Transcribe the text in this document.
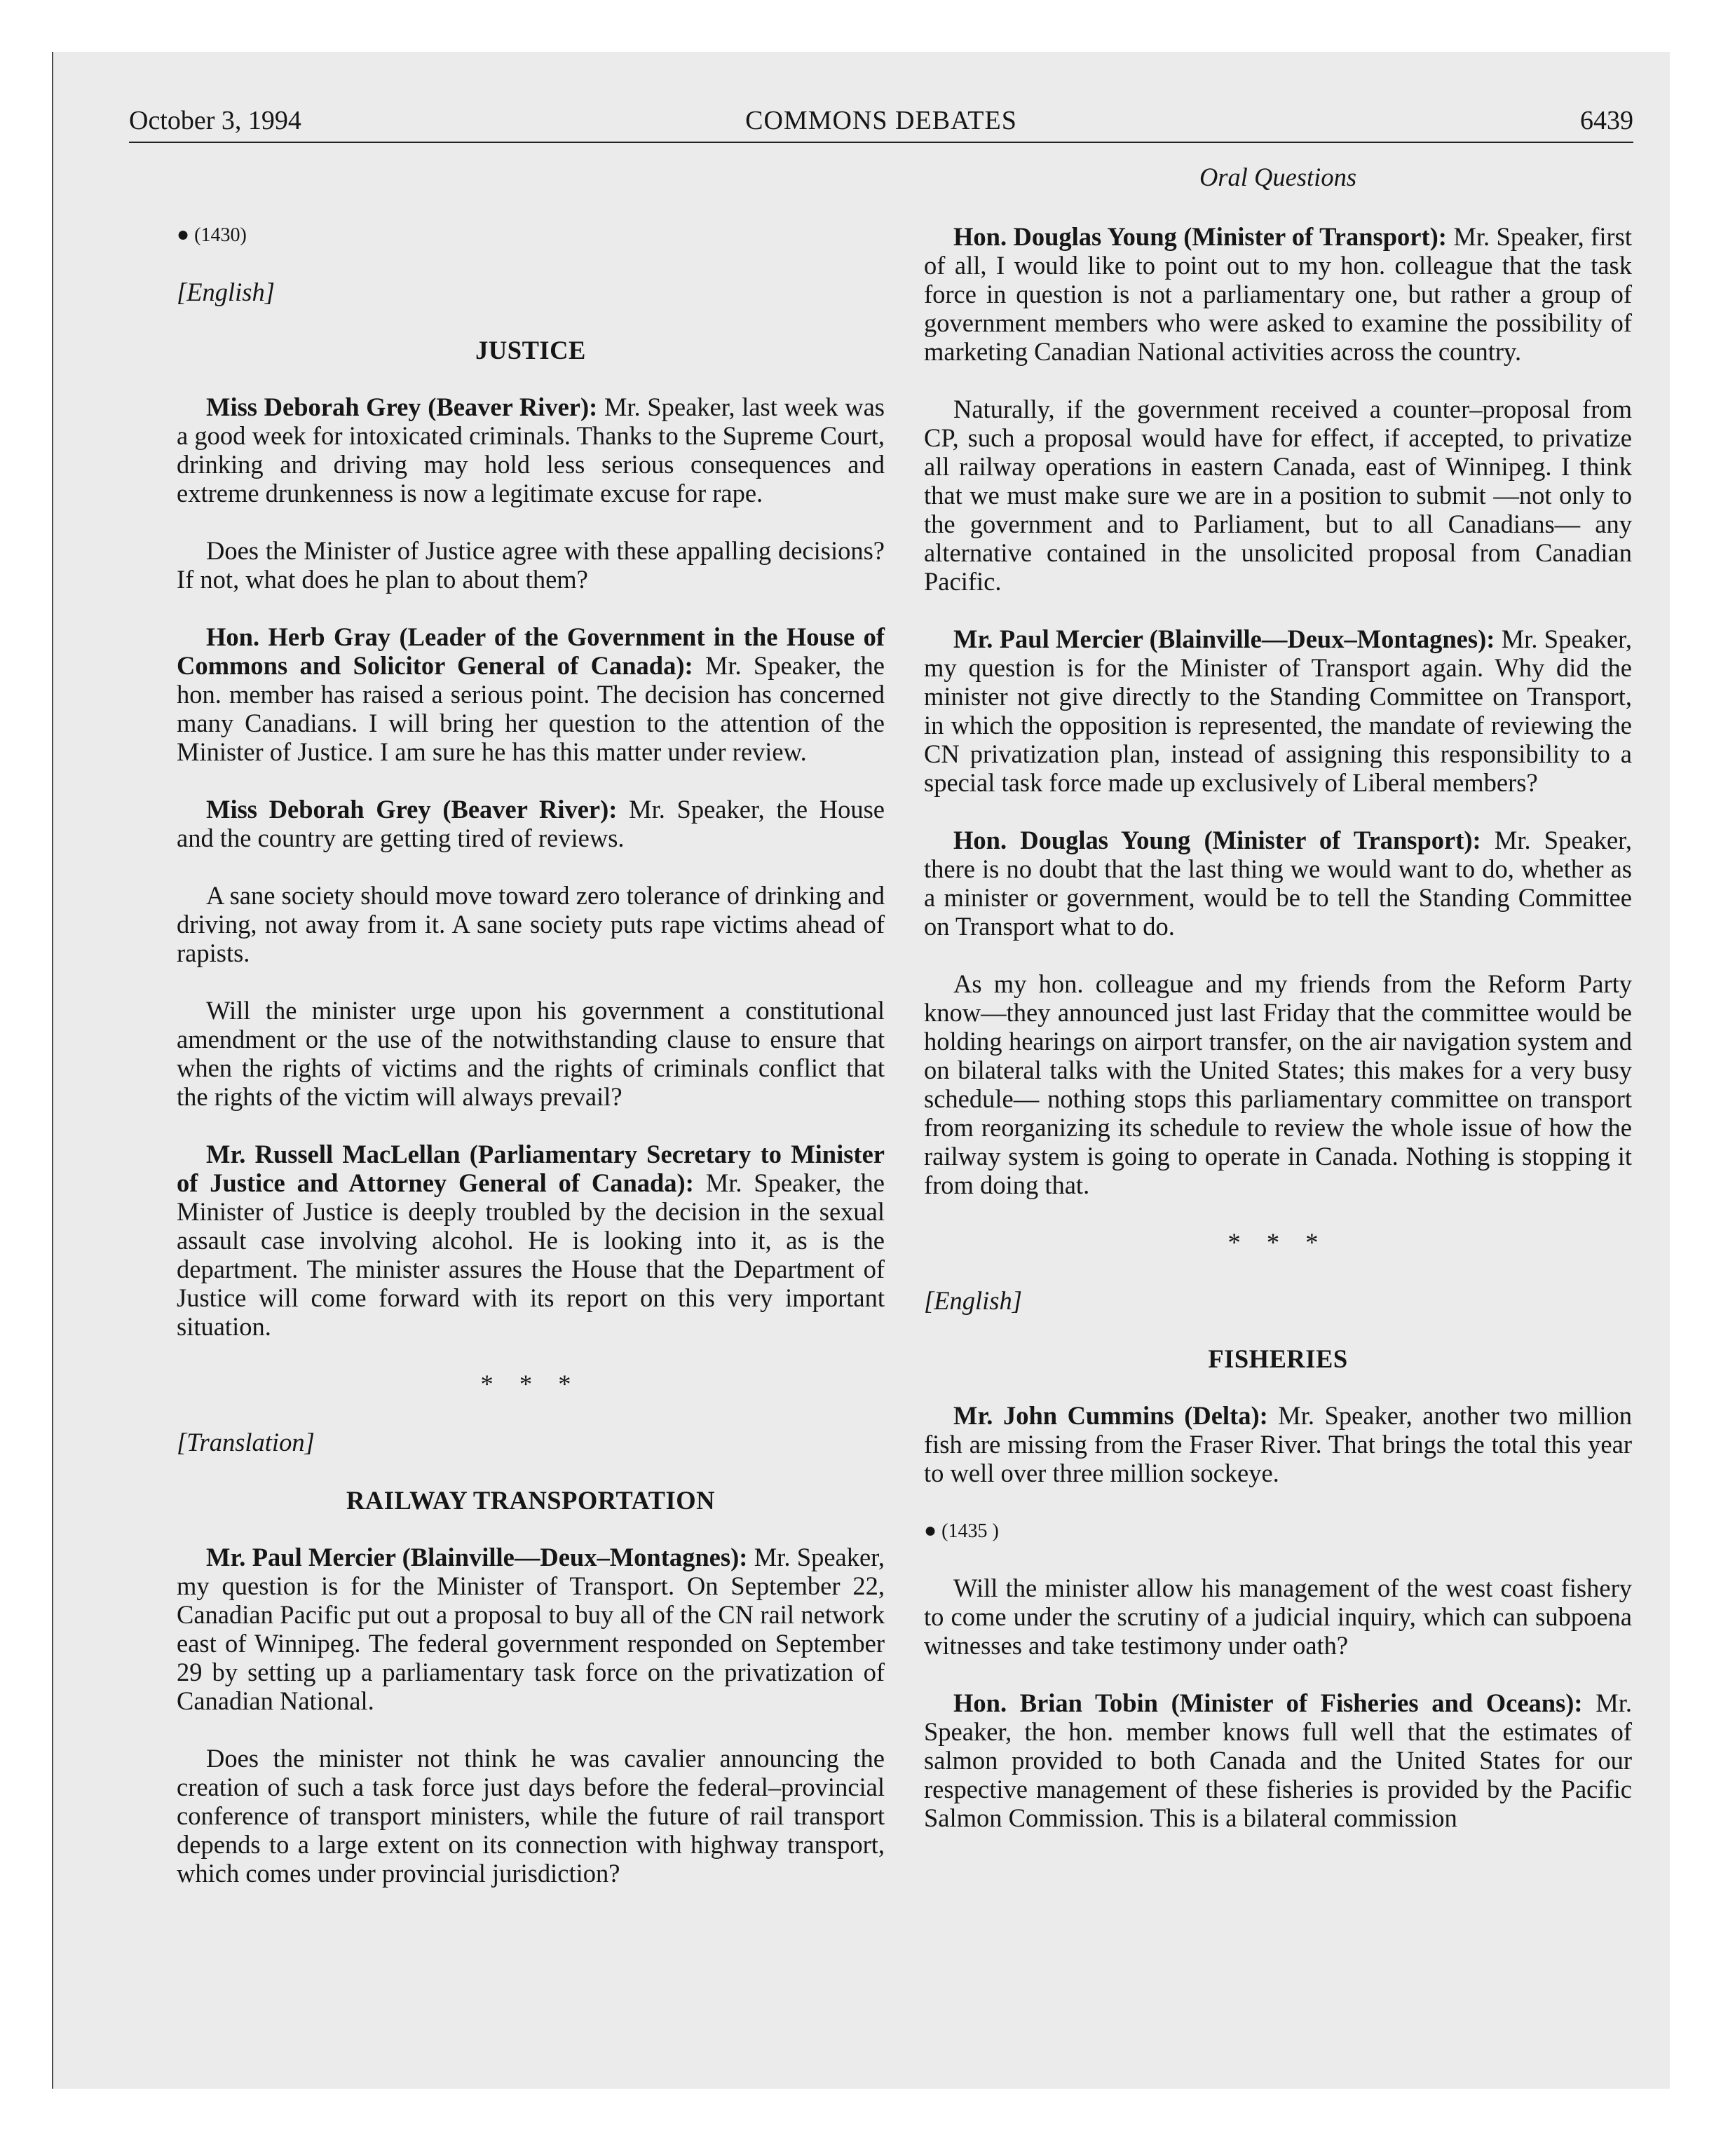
October 3, 1994	COMMONS DEBATES	6439
● (1430)
[English]
JUSTICE

Miss Deborah Grey (Beaver River): Mr. Speaker, last week was a good week for intoxicated criminals. Thanks to the Supreme Court, drinking and driving may hold less serious consequences and extreme drunkenness is now a legitimate excuse for rape.

Does the Minister of Justice agree with these appalling decisions? If not, what does he plan to about them?

Hon. Herb Gray (Leader of the Government in the House of Commons and Solicitor General of Canada): Mr. Speaker, the hon. member has raised a serious point. The decision has concerned many Canadians. I will bring her question to the attention of the Minister of Justice. I am sure he has this matter under review.

Miss Deborah Grey (Beaver River): Mr. Speaker, the House and the country are getting tired of reviews.

A sane society should move toward zero tolerance of drinking and driving, not away from it. A sane society puts rape victims ahead of rapists.

Will the minister urge upon his government a constitutional amendment or the use of the notwithstanding clause to ensure that when the rights of victims and the rights of criminals conflict that the rights of the victim will always prevail?

Mr. Russell MacLellan (Parliamentary Secretary to Minister of Justice and Attorney General of Canada): Mr. Speaker, the Minister of Justice is deeply troubled by the decision in the sexual assault case involving alcohol. He is looking into it, as is the department. The minister assures the House that the Department of Justice will come forward with its report on this very important situation.

* * *
[Translation]
RAILWAY TRANSPORTATION

Mr. Paul Mercier (Blainville—Deux–Montagnes): Mr. Speaker, my question is for the Minister of Transport. On September 22, Canadian Pacific put out a proposal to buy all of the CN rail network east of Winnipeg. The federal government responded on September 29 by setting up a parliamentary task force on the privatization of Canadian National.

Does the minister not think he was cavalier announcing the creation of such a task force just days before the federal–provincial conference of transport ministers, while the future of rail transport depends to a large extent on its connection with highway transport, which comes under provincial jurisdiction?

Oral Questions

Hon. Douglas Young (Minister of Transport): Mr. Speaker, first of all, I would like to point out to my hon. colleague that the task force in question is not a parliamentary one, but rather a group of government members who were asked to examine the possibility of marketing Canadian National activities across the country.

Naturally, if the government received a counter–proposal from CP, such a proposal would have for effect, if accepted, to privatize all railway operations in eastern Canada, east of Winnipeg. I think that we must make sure we are in a position to submit —not only to the government and to Parliament, but to all Canadians— any alternative contained in the unsolicited proposal from Canadian Pacific.

Mr. Paul Mercier (Blainville—Deux–Montagnes): Mr. Speaker, my question is for the Minister of Transport again. Why did the minister not give directly to the Standing Committee on Transport, in which the opposition is represented, the mandate of reviewing the CN privatization plan, instead of assigning this responsibility to a special task force made up exclusively of Liberal members?

Hon. Douglas Young (Minister of Transport): Mr. Speaker, there is no doubt that the last thing we would want to do, whether as a minister or government, would be to tell the Standing Committee on Transport what to do.

As my hon. colleague and my friends from the Reform Party know—they announced just last Friday that the committee would be holding hearings on airport transfer, on the air navigation system and on bilateral talks with the United States; this makes for a very busy schedule— nothing stops this parliamentary committee on transport from reorganizing its schedule to review the whole issue of how the railway system is going to operate in Canada. Nothing is stopping it from doing that.

* * *
[English]
FISHERIES

Mr. John Cummins (Delta): Mr. Speaker, another two million fish are missing from the Fraser River. That brings the total this year to well over three million sockeye.

● (1435 )

Will the minister allow his management of the west coast fishery to come under the scrutiny of a judicial inquiry, which can subpoena witnesses and take testimony under oath?

Hon. Brian Tobin (Minister of Fisheries and Oceans): Mr. Speaker, the hon. member knows full well that the estimates of salmon provided to both Canada and the United States for our respective management of these fisheries is provided by the Pacific Salmon Commission. This is a bilateral commission
